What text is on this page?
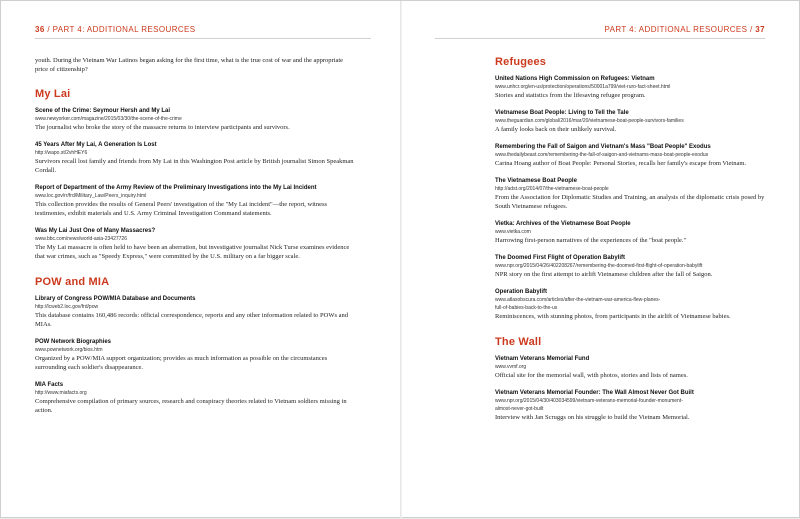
36 / PART 4: ADDITIONAL RESOURCES

youth. During the Vietnam War Latinos began asking for the first time, what is the true cost of war and the appropriate price of citizenship?

My Lai
Scene of the Crime: Seymour Hersh and My Lai
www.newyorker.com/magazine/2015/03/30/the-scene-of-the-crime
The journalist who broke the story of the massacre returns to interview participants and survivors.
45 Years After My Lai, A Generation Is Lost
http://wapo.st/2vhHEY6
Survivors recall lost family and friends from My Lai in this Washington Post article by British journalist Simon Speakman Cordall.
Report of Department of the Army Review of the Preliminary Investigations into the My Lai Incident
www.loc.gov/rr/frd/Military_Law/Peers_inquiry.html
This collection provides the results of General Peers' investigation of the "My Lai incident"—the report, witness testimonies, exhibit materials and U.S. Army Criminal Investigation Command statements.
Was My Lai Just One of Many Massacres?
www.bbc.com/news/world-asia-23427726
The My Lai massacre is often held to have been an aberration, but investigative journalist Nick Turse examines evidence that war crimes, such as "Speedy Express," were committed by the U.S. military on a far bigger scale.
POW and MIA
Library of Congress POW/MIA Database and Documents
http://lcweb2.loc.gov/frd/pow
This database contains 160,486 records: official correspondence, reports and any other information related to POWs and MIAs.
POW Network Biographies
www.pownetwork.org/bios.htm
Organized by a POW/MIA support organization; provides as much information as possible on the circumstances surrounding each soldier's disappearance.
MIA Facts
http://www.miafacts.org
Comprehensive compilation of primary sources, research and conspiracy theories related to Vietnam soldiers missing in action.
PART 4: ADDITIONAL RESOURCES / 37
Refugees
United Nations High Commission on Refugees: Vietnam
www.unhcr.org/en-us/protection/operations/50001a799/viet-ruro-fact-sheet.html
Stories and statistics from the lifesaving refugee program.
Vietnamese Boat People: Living to Tell the Tale
www.theguardian.com/global/2016/mar/20/vietnamese-boat-people-survivors-families
A family looks back on their unlikely survival.
Remembering the Fall of Saigon and Vietnam's Mass "Boat People" Exodus
www.thedailybeast.com/remembering-the-fall-of-saigon-and-vietnams-mass-boat-people-exodus
Carina Hoang author of Boat People: Personal Stories, recalls her family's escape from Vietnam.
The Vietnamese Boat People
http://adst.org/2014/07/the-vietnamese-boat-people
From the Association for Diplomatic Studies and Training, an analysis of the diplomatic crisis posed by South Vietnamese refugees.
Vietka: Archives of the Vietnamese Boat People
www.vietka.com
Harrowing first-person narratives of the experiences of the "boat people."
The Doomed First Flight of Operation Babylift
www.npr.org/2015/04/26/402208267/remembering-the-doomed-first-flight-of-operation-babylift
NPR story on the first attempt to airlift Vietnamese children after the fall of Saigon.
Operation Babylift
www.atlasobscura.com/articles/after-the-vietnam-war-america-flew-planes-
full-of-babies-back-to-the-us
Reminiscences, with stunning photos, from participants in the airlift of Vietnamese babies.
The Wall
Vietnam Veterans Memorial Fund
www.vvmf.org
Official site for the memorial wall, with photos, stories and lists of names.
Vietnam Veterans Memorial Founder: The Wall Almost Never Got Built
www.npr.org/2015/04/30/403034599/vietnam-veterans-memorial-founder-monument-
almost-never-got-built
Interview with Jan Scruggs on his struggle to build the Vietnam Memorial.
